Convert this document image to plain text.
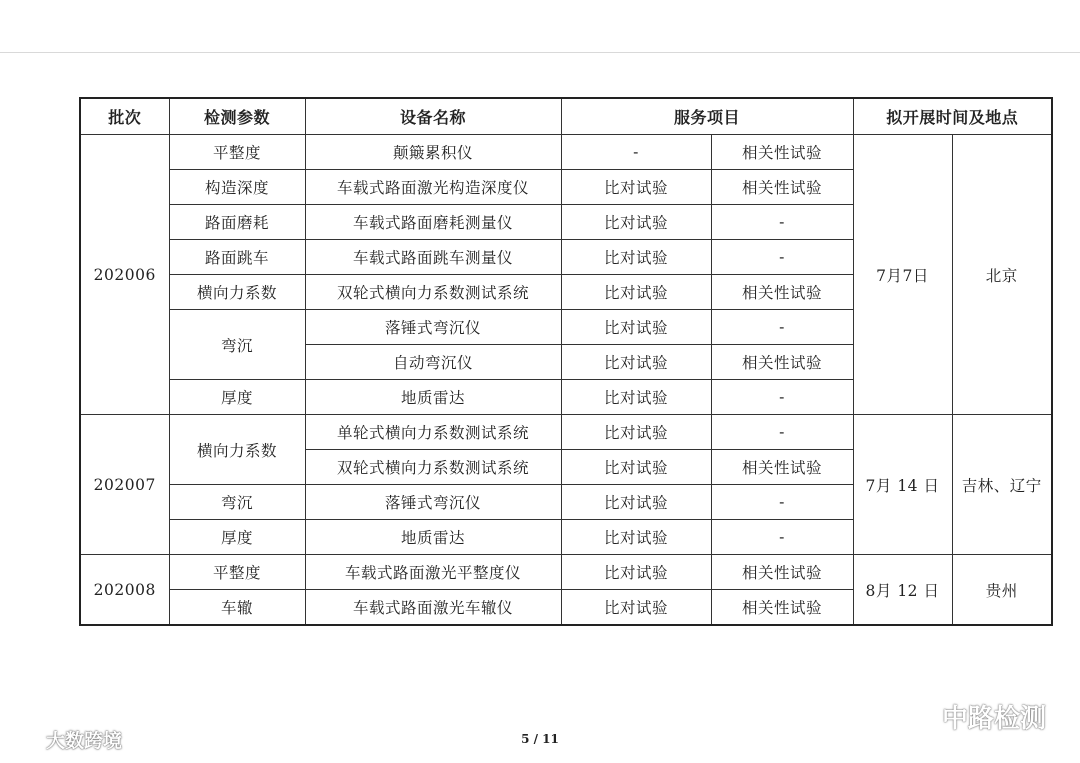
批次	检测参数	设备名称	服务项目		拟开展时间及地点	
202006	平整度	颠簸累积仪	-	相关性试验	7月7日	北京
	构造深度	车载式路面激光构造深度仪	比对试验	相关性试验		
	路面磨耗	车载式路面磨耗测量仪	比对试验	-		
	路面跳车	车载式路面跳车测量仪	比对试验	-		
	横向力系数	双轮式横向力系数测试系统	比对试验	相关性试验		
	弯沉	落锤式弯沉仪	比对试验	-		
		自动弯沉仪	比对试验	相关性试验		
	厚度	地质雷达	比对试验	-		
202007	横向力系数	单轮式横向力系数测试系统	比对试验	-	7月 14 日	吉林、辽宁
		双轮式横向力系数测试系统	比对试验	相关性试验		
	弯沉	落锤式弯沉仪	比对试验	-		
	厚度	地质雷达	比对试验	-		
202008	平整度	车载式路面激光平整度仪	比对试验	相关性试验	8月 12 日	贵州
	车辙	车载式路面激光车辙仪	比对试验	相关性试验		
5 / 11
大数跨境
中路检测
